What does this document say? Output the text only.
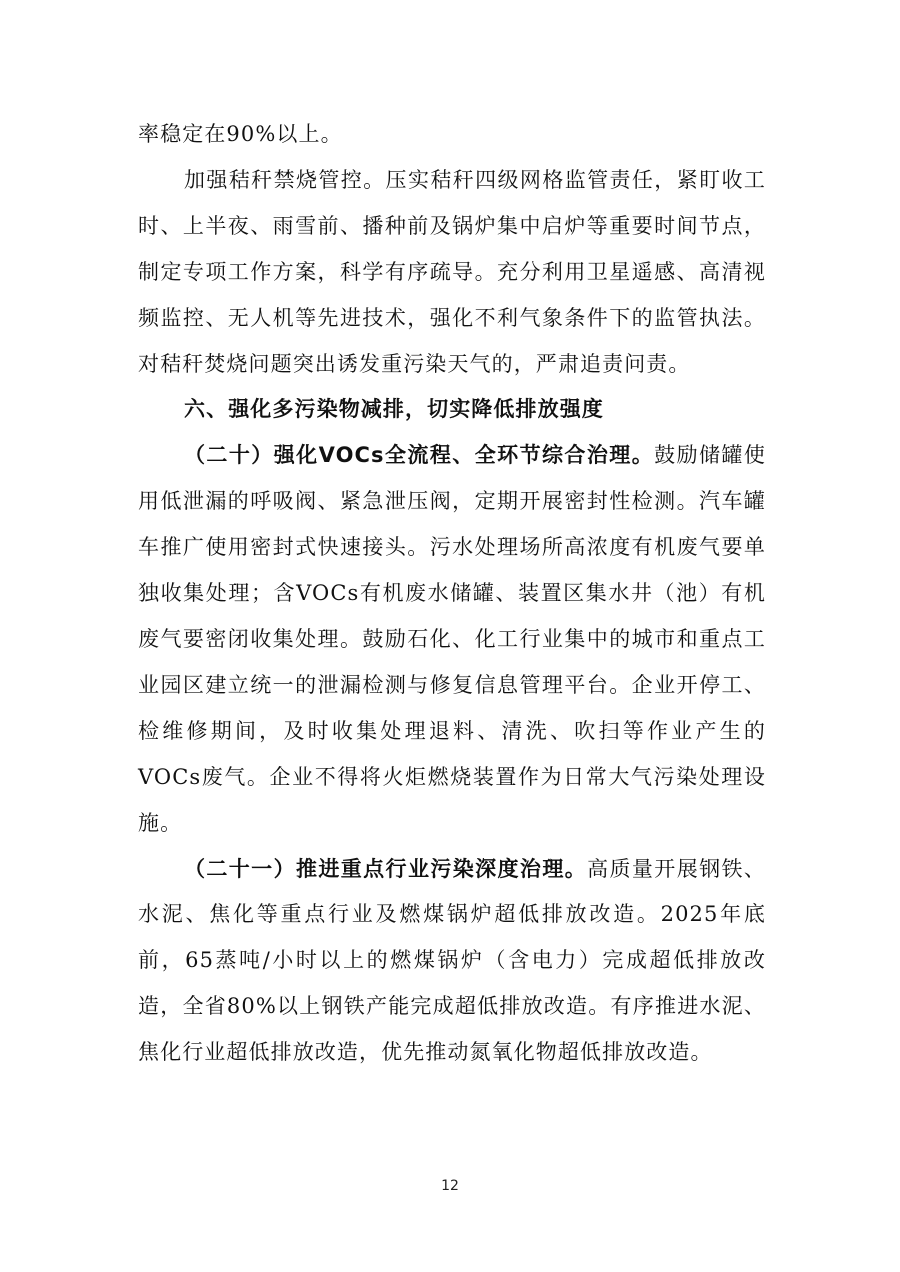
率稳定在90%以上。

加强秸秆禁烧管控。压实秸秆四级网格监管责任，紧盯收工时、上半夜、雨雪前、播种前及锅炉集中启炉等重要时间节点，制定专项工作方案，科学有序疏导。充分利用卫星遥感、高清视频监控、无人机等先进技术，强化不利气象条件下的监管执法。对秸秆焚烧问题突出诱发重污染天气的，严肃追责问责。

六、强化多污染物减排，切实降低排放强度

（二十）强化VOCs全流程、全环节综合治理。鼓励储罐使用低泄漏的呼吸阀、紧急泄压阀，定期开展密封性检测。汽车罐车推广使用密封式快速接头。污水处理场所高浓度有机废气要单独收集处理；含VOCs有机废水储罐、装置区集水井（池）有机废气要密闭收集处理。鼓励石化、化工行业集中的城市和重点工业园区建立统一的泄漏检测与修复信息管理平台。企业开停工、检维修期间，及时收集处理退料、清洗、吹扫等作业产生的VOCs废气。企业不得将火炬燃烧装置作为日常大气污染处理设施。

（二十一）推进重点行业污染深度治理。高质量开展钢铁、水泥、焦化等重点行业及燃煤锅炉超低排放改造。2025年底前，65蒸吨/小时以上的燃煤锅炉（含电力）完成超低排放改造，全省80%以上钢铁产能完成超低排放改造。有序推进水泥、焦化行业超低排放改造，优先推动氮氧化物超低排放改造。

12
